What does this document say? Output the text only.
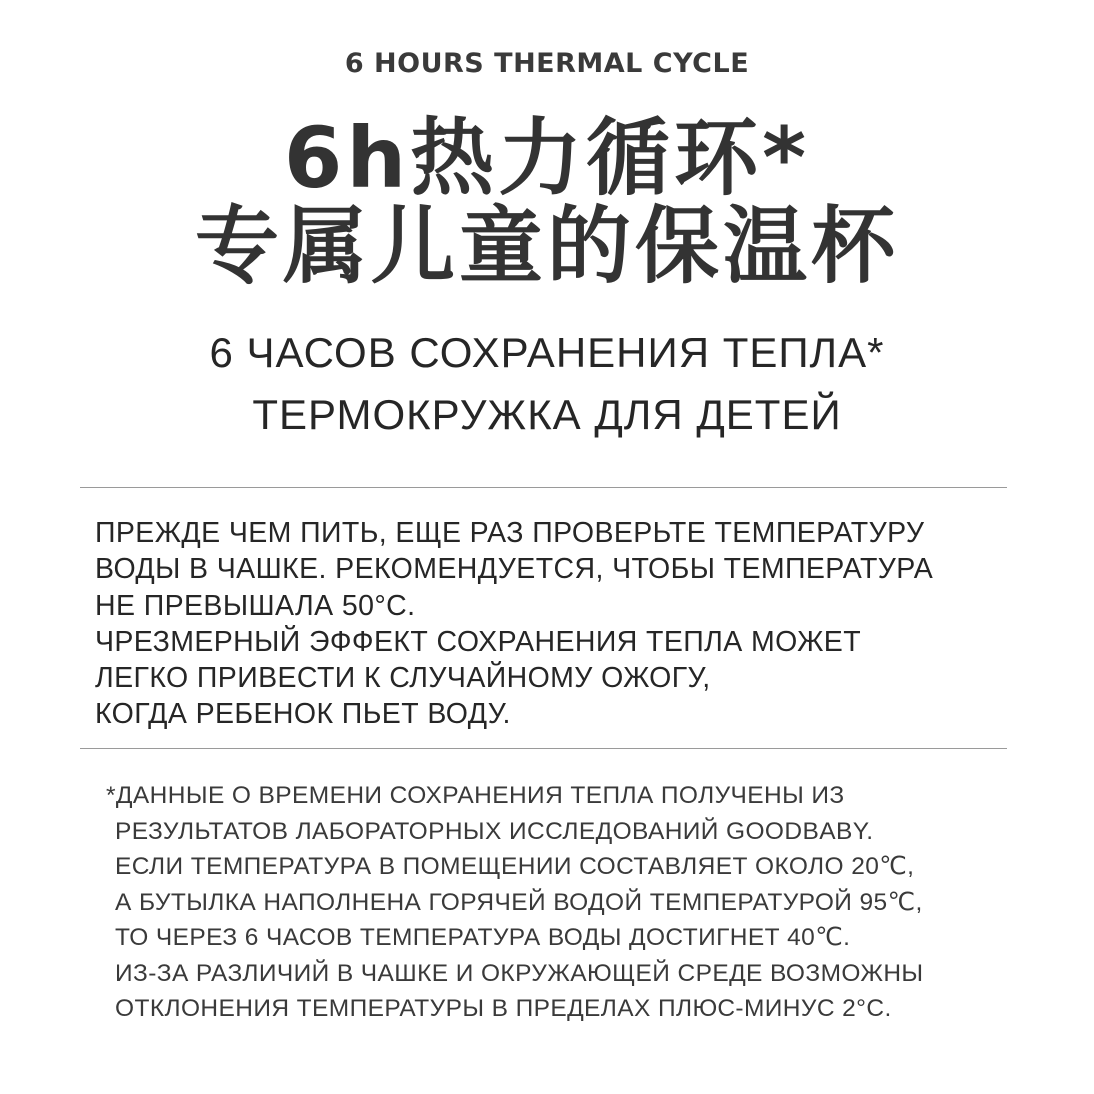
6 HOURS THERMAL CYCLE
6h热力循环*
专属儿童的保温杯
6 ЧАСОВ СОХРАНЕНИЯ ТЕПЛА*
ТЕРМОКРУЖКА ДЛЯ ДЕТЕЙ
ПРЕЖДЕ ЧЕМ ПИТЬ, ЕЩЕ РАЗ ПРОВЕРЬТЕ ТЕМПЕРАТУРУ
ВОДЫ В ЧАШКЕ. РЕКОМЕНДУЕТСЯ, ЧТОБЫ ТЕМПЕРАТУРА
НЕ ПРЕВЫШАЛА 50°С.
ЧРЕЗМЕРНЫЙ ЭФФЕКТ СОХРАНЕНИЯ ТЕПЛА МОЖЕТ
ЛЕГКО ПРИВЕСТИ К СЛУЧАЙНОМУ ОЖОГУ,
КОГДА РЕБЕНОК ПЬЕТ ВОДУ.
*ДАННЫЕ О ВРЕМЕНИ СОХРАНЕНИЯ ТЕПЛА ПОЛУЧЕНЫ ИЗ
РЕЗУЛЬТАТОВ ЛАБОРАТОРНЫХ ИССЛЕДОВАНИЙ GOODBABY.
ЕСЛИ ТЕМПЕРАТУРА В ПОМЕЩЕНИИ СОСТАВЛЯЕТ ОКОЛО 20℃,
А БУТЫЛКА НАПОЛНЕНА ГОРЯЧЕЙ ВОДОЙ ТЕМПЕРАТУРОЙ 95℃,
ТО ЧЕРЕЗ 6 ЧАСОВ ТЕМПЕРАТУРА ВОДЫ ДОСТИГНЕТ 40℃.
ИЗ-ЗА РАЗЛИЧИЙ В ЧАШКЕ И ОКРУЖАЮЩЕЙ СРЕДЕ ВОЗМОЖНЫ
ОТКЛОНЕНИЯ ТЕМПЕРАТУРЫ В ПРЕДЕЛАХ ПЛЮС-МИНУС 2°С.
